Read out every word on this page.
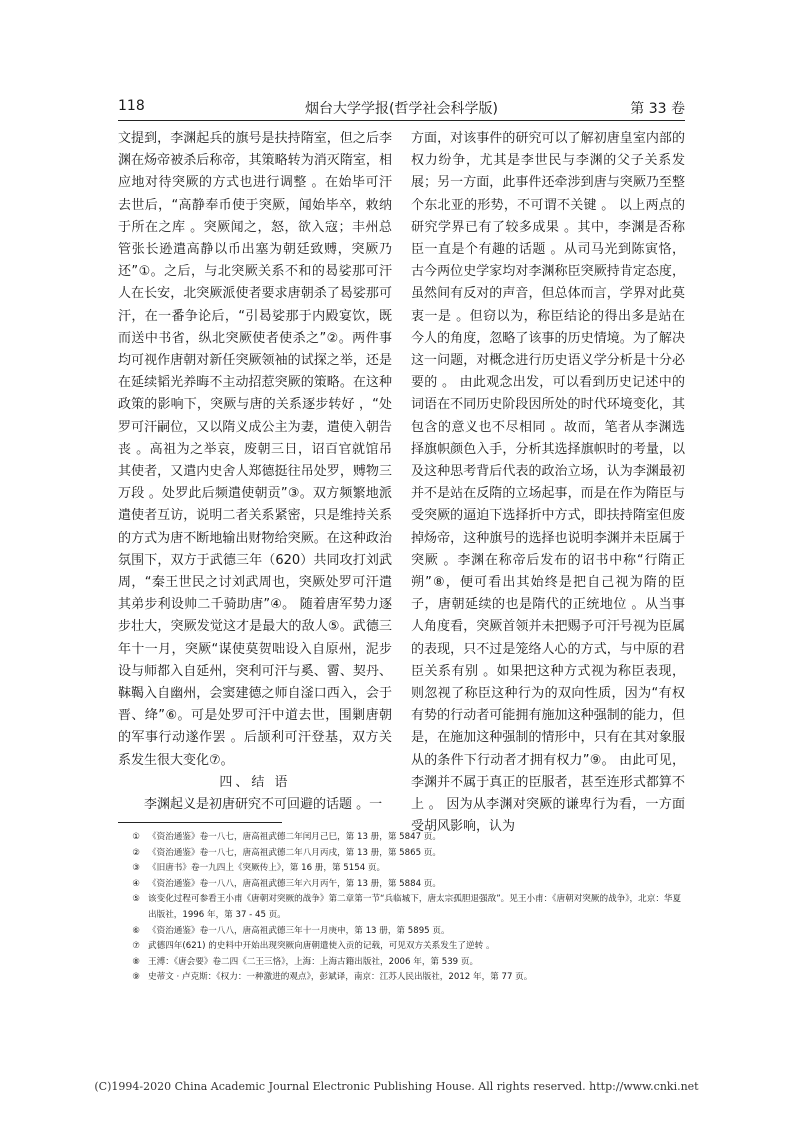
118	烟台大学学报(哲学社会科学版)	第 33 卷

文提到，李渊起兵的旗号是扶持隋室，但之后李渊在炀帝被杀后称帝，其策略转为消灭隋室，相应地对待突厥的方式也进行调整 。在始毕可汗去世后，“高静奉币使于突厥，闻始毕卒，敕纳于所在之库 。突厥闻之，怒，欲入寇；丰州总管张长逊遣高静以币出塞为朝廷致赙，突厥乃还”①。之后，与北突厥关系不和的曷娑那可汗人在长安，北突厥派使者要求唐朝杀了曷娑那可汗，在一番争论后，“引曷娑那于内殿宴饮，既而送中书省，纵北突厥使者使杀之”②。两件事均可视作唐朝对新任突厥领袖的试探之举，还是在延续韬光养晦不主动招惹突厥的策略。在这种政策的影响下，突厥与唐的关系逐步转好 ，“处罗可汗嗣位，又以隋义成公主为妻，遣使入朝告丧 。高祖为之举哀，废朝三日，诏百官就馆吊其使者，又遣内史舍人郑德挺往吊处罗，赙物三万段 。处罗此后频遣使朝贡”③。双方频繁地派遣使者互访，说明二者关系紧密，只是维持关系的方式为唐不断地输出财物给突厥。在这种政治氛围下，双方于武德三年（620）共同攻打刘武周，“秦王世民之讨刘武周也，突厥处罗可汗遣其弟步利设帅二千骑助唐”④。 随着唐军势力逐步壮大，突厥发觉这才是最大的敌人⑤。武德三年十一月，突厥“谋使莫贺咄设入自原州，泥步设与师都入自延州，突利可汗与奚、霫、契丹、靺鞨入自幽州，会窦建德之师自滏口西入，会于晋、绛”⑥。可是处罗可汗中道去世，围剿唐朝的军事行动遂作罢 。后颉利可汗登基，双方关系发生很大变化⑦。

四、结 语

李渊起义是初唐研究不可回避的话题 。一

方面，对该事件的研究可以了解初唐皇室内部的权力纷争，尤其是李世民与李渊的父子关系发展；另一方面，此事件还牵涉到唐与突厥乃至整个东北亚的形势，不可谓不关键 。 以上两点的研究学界已有了较多成果 。其中，李渊是否称臣一直是个有趣的话题 。从司马光到陈寅恪，古今两位史学家均对李渊称臣突厥持肯定态度，虽然间有反对的声音，但总体而言，学界对此莫衷一是 。但窃以为，称臣结论的得出多是站在今人的角度，忽略了该事的历史情境。为了解决这一问题，对概念进行历史语义学分析是十分必要的 。 由此观念出发，可以看到历史记述中的词语在不同历史阶段因所处的时代环境变化，其包含的意义也不尽相同 。故而，笔者从李渊选择旗帜颜色入手，分析其选择旗帜时的考量，以及这种思考背后代表的政治立场，认为李渊最初并不是站在反隋的立场起事，而是在作为隋臣与受突厥的逼迫下选择折中方式，即扶持隋室但废掉炀帝，这种旗号的选择也说明李渊并未臣属于突厥 。李渊在称帝后发布的诏书中称“行隋正朔”⑧，便可看出其始终是把自己视为隋的臣子，唐朝延续的也是隋代的正统地位 。从当事人角度看，突厥首领并未把赐予可汗号视为臣属的表现，只不过是笼络人心的方式，与中原的君臣关系有别 。如果把这种方式视为称臣表现，则忽视了称臣这种行为的双向性质，因为“有权有势的行动者可能拥有施加这种强制的能力，但是，在施加这种强制的情形中，只有在其对象服从的条件下行动者才拥有权力”⑨。 由此可见，李渊并不属于真正的臣服者，甚至连形式都算不上 。 因为从李渊对突厥的谦卑行为看，一方面受胡风影响，认为

① 《资治通鉴》卷一八七，唐高祖武德二年闰月己巳，第 13 册，第 5847 页。
② 《资治通鉴》卷一八七，唐高祖武德二年八月丙戌，第 13 册，第 5865 页。
③ 《旧唐书》卷一九四上《突厥传上》，第 16 册，第 5154 页。
④ 《资治通鉴》卷一八八，唐高祖武德三年六月丙午，第 13 册，第 5884 页。
⑤ 该变化过程可参看王小甫《唐朝对突厥的战争》第二章第一节“兵临城下，唐太宗孤胆退强敌”。见王小甫：《唐朝对突厥的战争》，北京：华夏出版社，1996 年，第 37 - 45 页。
⑥ 《资治通鉴》卷一八八，唐高祖武德三年十一月庚申，第 13 册，第 5895 页。
⑦ 武德四年(621) 的史料中开始出现突厥向唐朝遣使入贡的记载，可见双方关系发生了逆转 。
⑧ 王溥：《唐会要》卷二四《二王三恪》，上海：上海古籍出版社，2006 年，第 539 页。
⑨ 史蒂文 · 卢克斯：《权力：一种激进的观点》，彭斌译，南京：江苏人民出版社，2012 年，第 77 页。
(C)1994-2020 China Academic Journal Electronic Publishing House. All rights reserved. http://www.cnki.net
